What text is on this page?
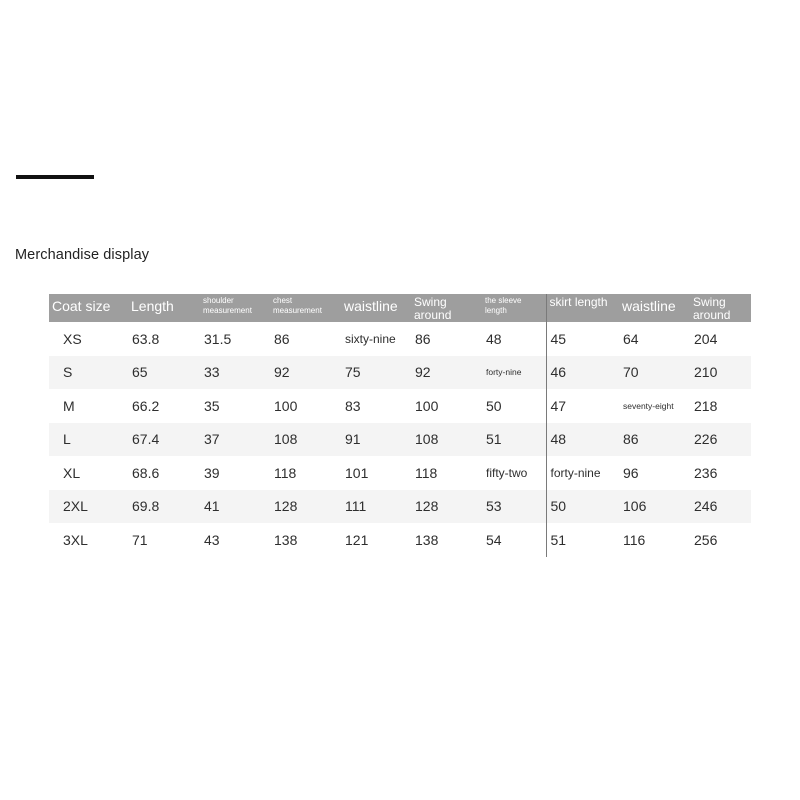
Merchandise display
Coat size	Length	shoulder measurement	chest measurement	waistline	Swing around	the sleeve length	skirt length	waistline	Swing around
XS	63.8	31.5	86	sixty-nine	86	48	45	64	204
S	65	33	92	75	92	forty-nine	46	70	210
M	66.2	35	100	83	100	50	47	seventy-eight	218
L	67.4	37	108	91	108	51	48	86	226
XL	68.6	39	118	101	118	fifty-two	forty-nine	96	236
2XL	69.8	41	128	111	128	53	50	106	246
3XL	71	43	138	121	138	54	51	116	256
